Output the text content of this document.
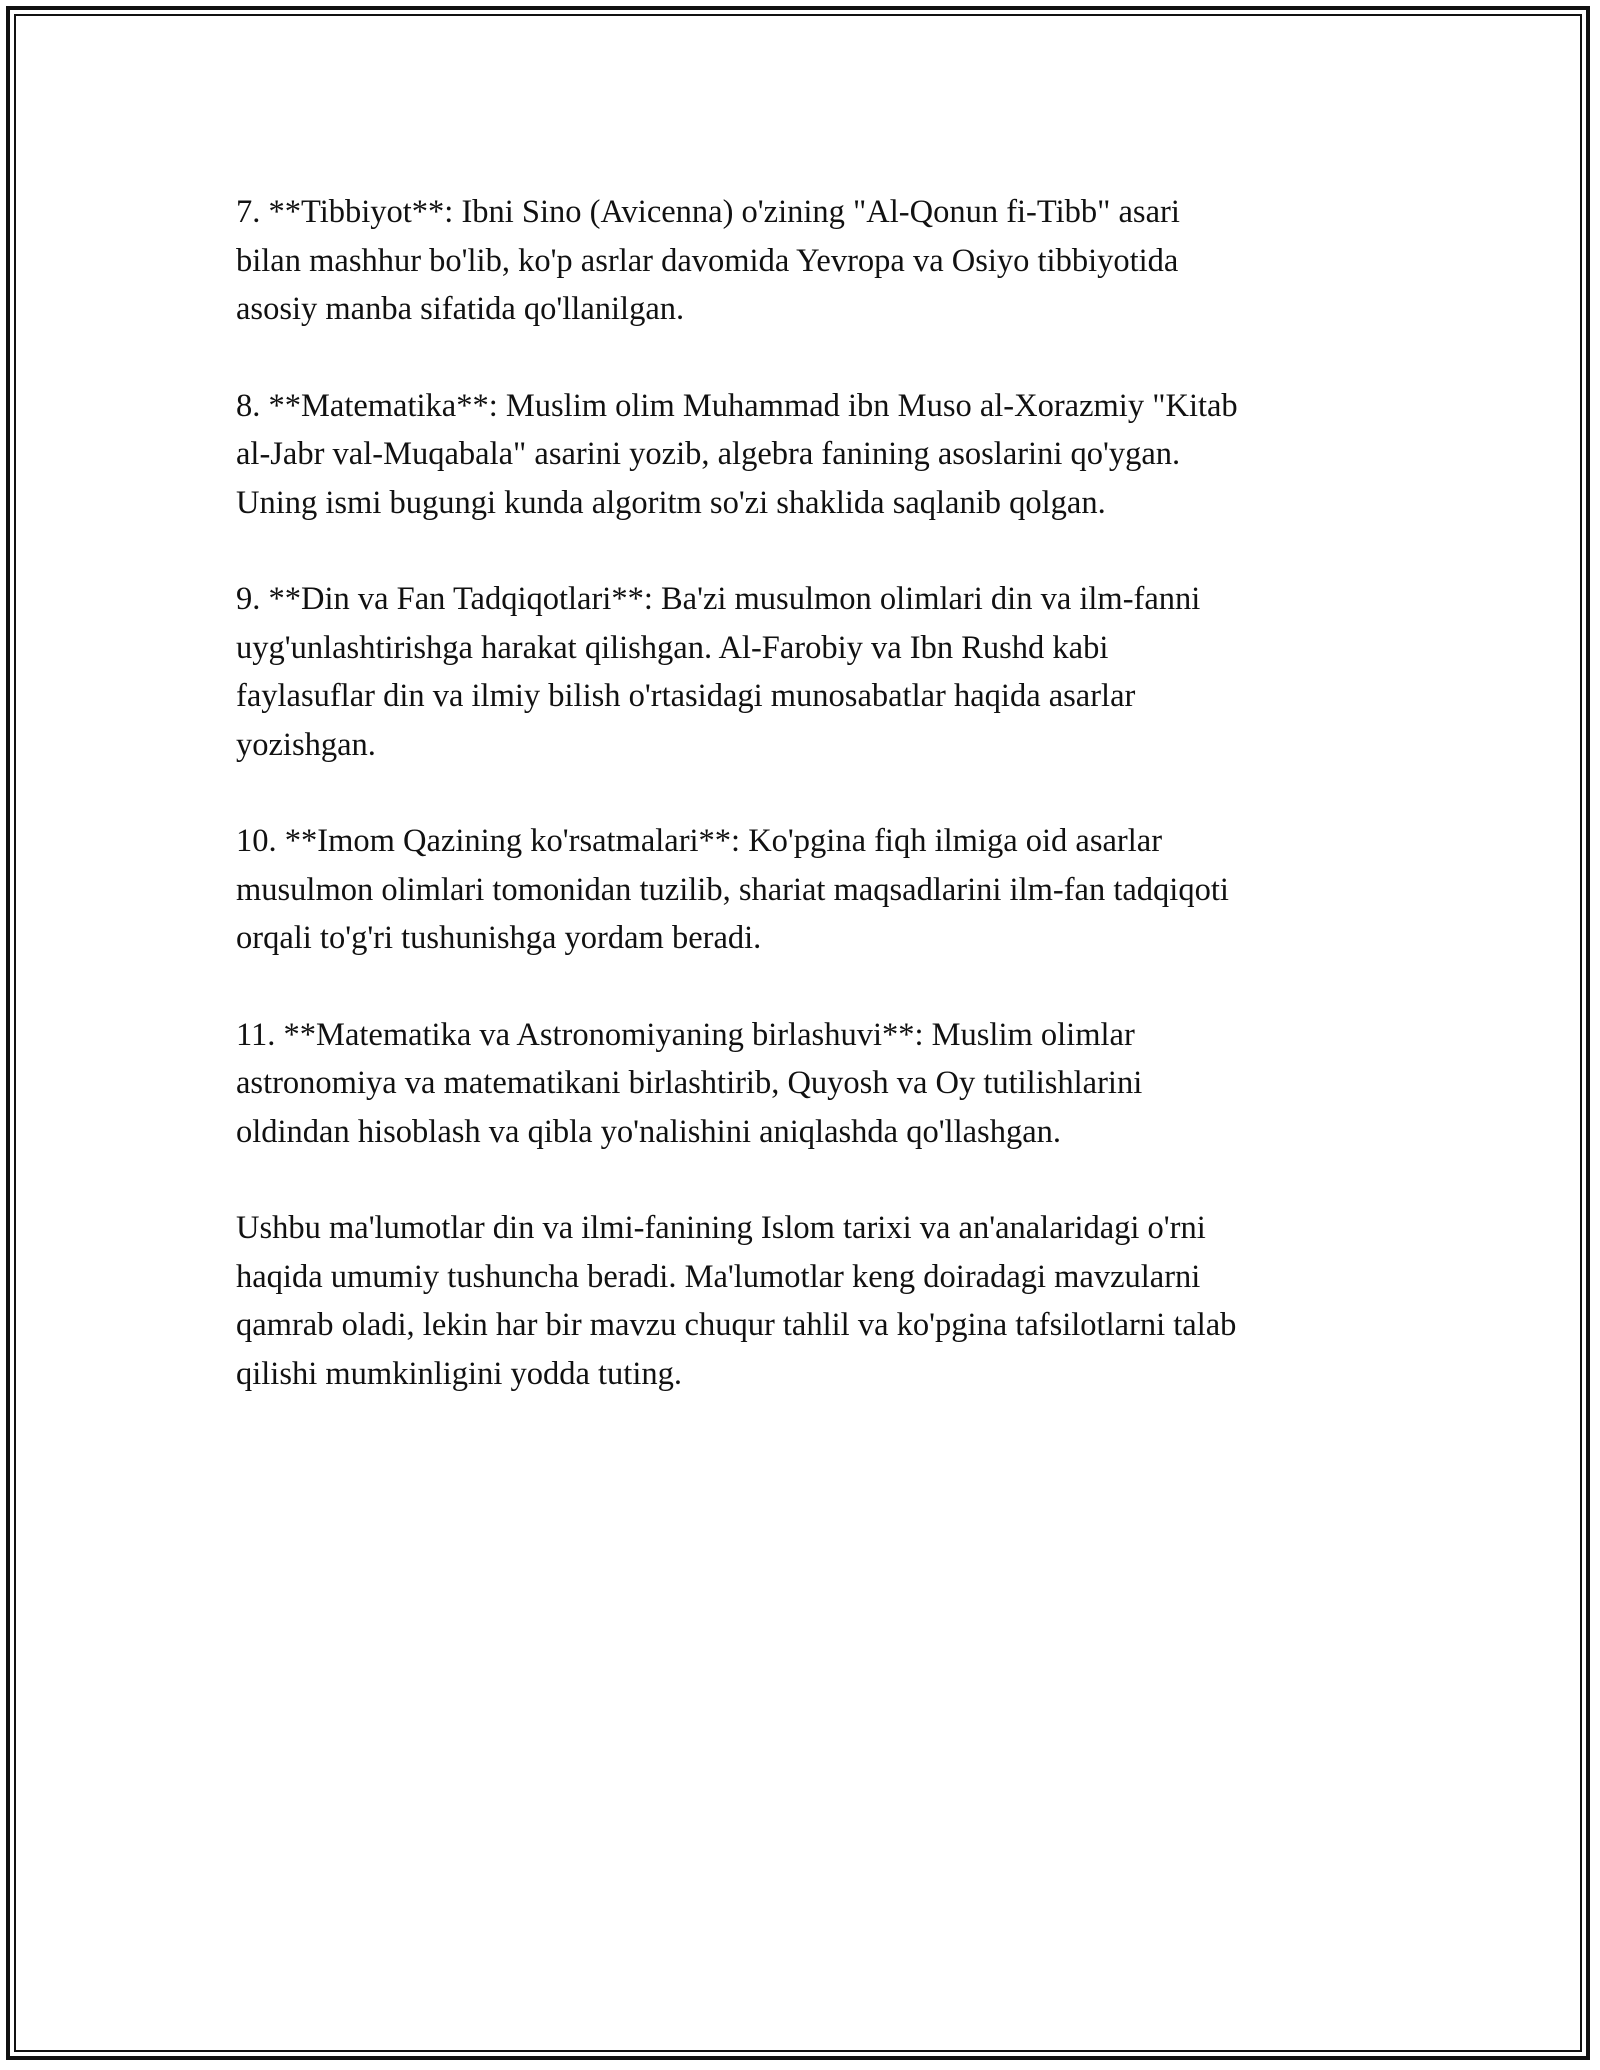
7. **Tibbiyot**: Ibni Sino (Avicenna) o'zining "Al-Qonun fi-Tibb" asari
bilan mashhur bo'lib, ko'p asrlar davomida Yevropa va Osiyo tibbiyotida
asosiy manba sifatida qo'llanilgan.

8. **Matematika**: Muslim olim Muhammad ibn Muso al-Xorazmiy "Kitab
al-Jabr val-Muqabala" asarini yozib, algebra fanining asoslarini qo'ygan.
Uning ismi bugungi kunda algoritm so'zi shaklida saqlanib qolgan.

9. **Din va Fan Tadqiqotlari**: Ba'zi musulmon olimlari din va ilm-fanni
uyg'unlashtirishga harakat qilishgan. Al-Farobiy va Ibn Rushd kabi
faylasuflar din va ilmiy bilish o'rtasidagi munosabatlar haqida asarlar
yozishgan.

10. **Imom Qazining ko'rsatmalari**: Ko'pgina fiqh ilmiga oid asarlar
musulmon olimlari tomonidan tuzilib, shariat maqsadlarini ilm-fan tadqiqoti
orqali to'g'ri tushunishga yordam beradi.

11. **Matematika va Astronomiyaning birlashuvi**: Muslim olimlar
astronomiya va matematikani birlashtirib, Quyosh va Oy tutilishlarini
oldindan hisoblash va qibla yo'nalishini aniqlashda qo'llashgan.

Ushbu ma'lumotlar din va ilmi-fanining Islom tarixi va an'analaridagi o'rni
haqida umumiy tushuncha beradi. Ma'lumotlar keng doiradagi mavzularni
qamrab oladi, lekin har bir mavzu chuqur tahlil va ko'pgina tafsilotlarni talab
qilishi mumkinligini yodda tuting.
